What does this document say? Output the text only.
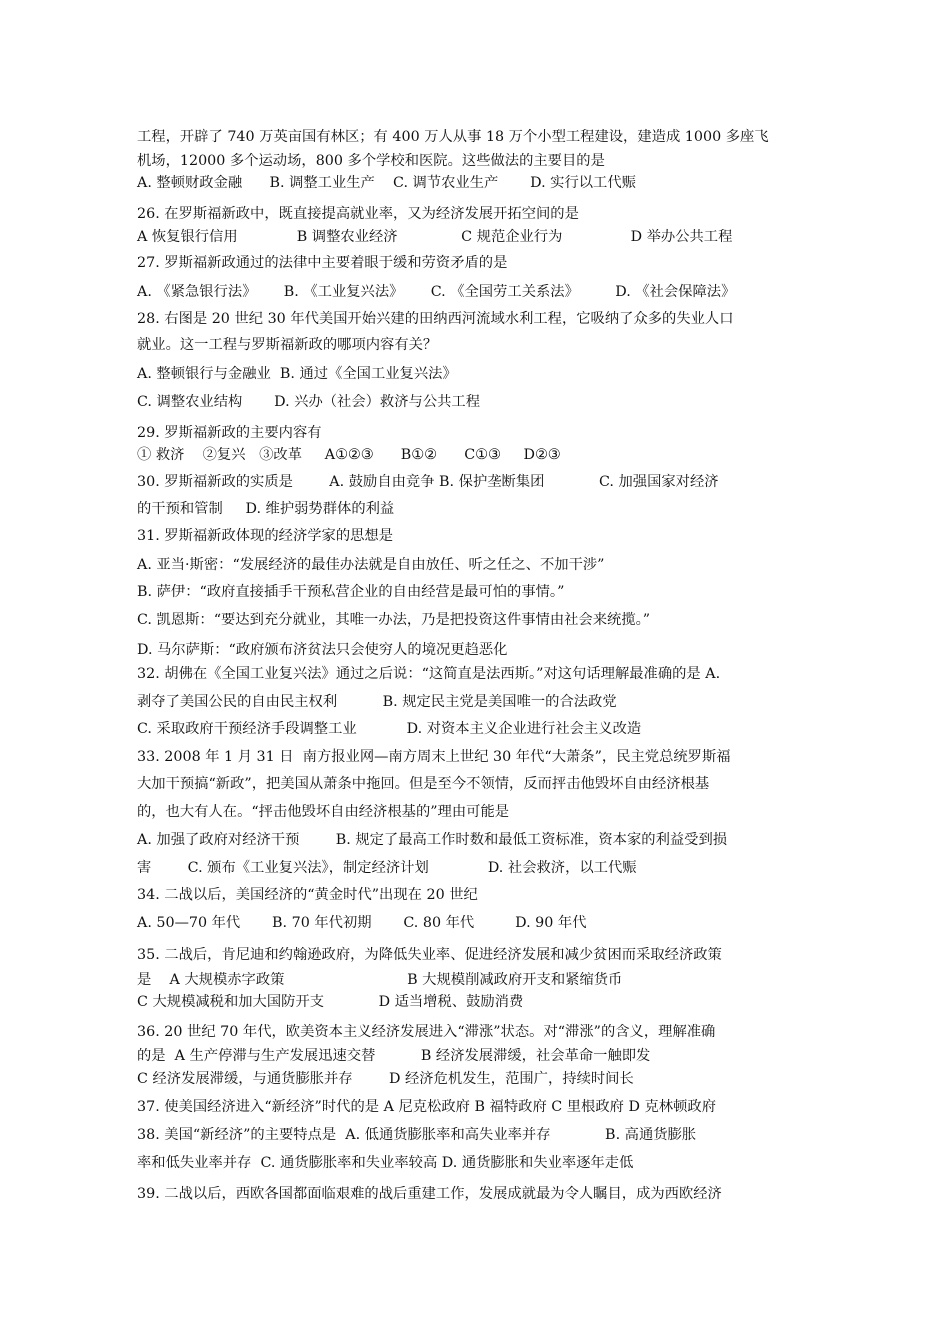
工程，开辟了 740 万英亩国有林区；有 400 万人从事 18 万个小型工程建设，建造成 1000 多座飞
机场，12000 多个运动场，800 多个学校和医院。这些做法的主要目的是
A. 整顿财政金融      B. 调整工业生产    C. 调节农业生产       D. 实行以工代赈
26. 在罗斯福新政中，既直接提高就业率，又为经济发展开拓空间的是
A 恢复银行信用             B 调整农业经济              C 规范企业行为               D 举办公共工程
27. 罗斯福新政通过的法律中主要着眼于缓和劳资矛盾的是
A. 《紧急银行法》      B. 《工业复兴法》      C. 《全国劳工关系法》        D. 《社会保障法》
28. 右图是 20 世纪 30 年代美国开始兴建的田纳西河流域水利工程，它吸纳了众多的失业人口
就业。这一工程与罗斯福新政的哪项内容有关？
A. 整顿银行与金融业  B. 通过《全国工业复兴法》
C. 调整农业结构       D. 兴办（社会）救济与公共工程
29. 罗斯福新政的主要内容有
① 救济    ②复兴   ③改革     A①②③      B①②      C①③     D②③
30. 罗斯福新政的实质是        A. 鼓励自由竞争 B. 保护垄断集团            C. 加强国家对经济
的干预和管制     D. 维护弱势群体的利益
31. 罗斯福新政体现的经济学家的思想是
A. 亚当·斯密：“发展经济的最佳办法就是自由放任、听之任之、不加干涉”
B. 萨伊：“政府直接插手干预私营企业的自由经营是最可怕的事情。”
C. 凯恩斯：“要达到充分就业，其唯一办法，乃是把投资这件事情由社会来统揽。”
D. 马尔萨斯：“政府颁布济贫法只会使穷人的境况更趋恶化
32. 胡佛在《全国工业复兴法》通过之后说：“这简直是法西斯。”对这句话理解最准确的是 A.
剥夺了美国公民的自由民主权利          B. 规定民主党是美国唯一的合法政党
C. 采取政府干预经济手段调整工业           D. 对资本主义企业进行社会主义改造
33. 2008 年 1 月 31 日  南方报业网—南方周末上世纪 30 年代“大萧条”，民主党总统罗斯福
大加干预搞“新政”，把美国从萧条中拖回。但是至今不领情，反而抨击他毁坏自由经济根基
的，也大有人在。“抨击他毁坏自由经济根基的”理由可能是
A. 加强了政府对经济干预        B. 规定了最高工作时数和最低工资标准，资本家的利益受到损
害        C. 颁布《工业复兴法》，制定经济计划             D. 社会救济，以工代赈
34. 二战以后，美国经济的“黄金时代”出现在 20 世纪
A. 50—70 年代       B. 70 年代初期       C. 80 年代         D. 90 年代
35. 二战后，肯尼迪和约翰逊政府，为降低失业率、促进经济发展和减少贫困而采取经济政策
是    A 大规模赤字政策                           B 大规模削减政府开支和紧缩货币
C 大规模减税和加大国防开支            D 适当增税、鼓励消费
36. 20 世纪 70 年代，欧美资本主义经济发展进入“滞涨”状态。对“滞涨”的含义，理解准确
的是  A 生产停滞与生产发展迅速交替          B 经济发展滞缓，社会革命一触即发
C 经济发展滞缓，与通货膨胀并存        D 经济危机发生，范围广，持续时间长
37. 使美国经济进入“新经济”时代的是 A 尼克松政府 B 福特政府 C 里根政府 D 克林顿政府
38. 美国“新经济”的主要特点是  A. 低通货膨胀率和高失业率并存            B. 高通货膨胀
率和低失业率并存  C. 通货膨胀率和失业率较高 D. 通货膨胀和失业率逐年走低
39. 二战以后，西欧各国都面临艰难的战后重建工作，发展成就最为令人瞩目，成为西欧经济
